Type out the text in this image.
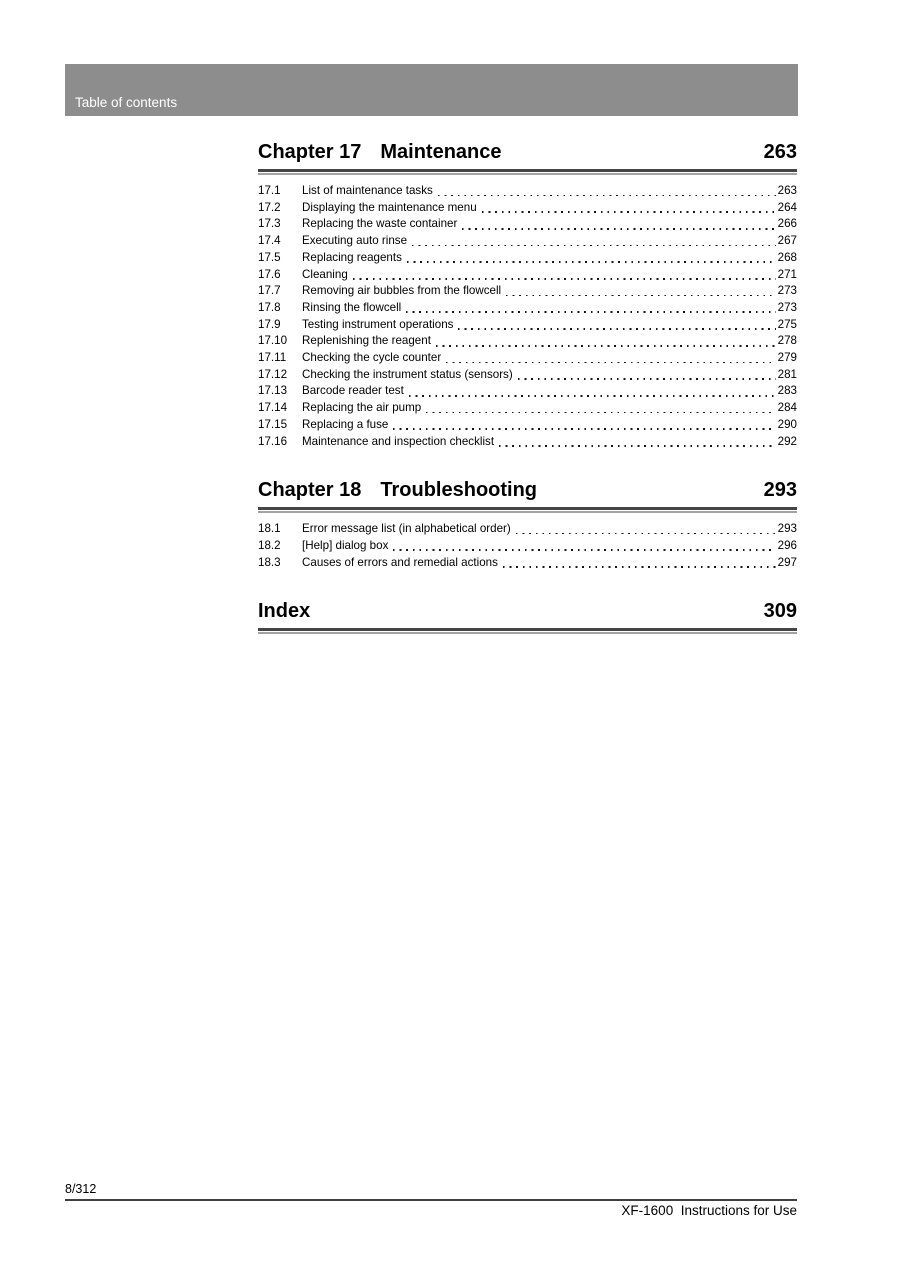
Table of contents
Chapter 17 Maintenance	263
17.1	List of maintenance tasks	263
17.2	Displaying the maintenance menu	264
17.3	Replacing the waste container	266
17.4	Executing auto rinse	267
17.5	Replacing reagents	268
17.6	Cleaning	271
17.7	Removing air bubbles from the flowcell	273
17.8	Rinsing the flowcell	273
17.9	Testing instrument operations	275
17.10	Replenishing the reagent	278
17.11	Checking the cycle counter	279
17.12	Checking the instrument status (sensors)	281
17.13	Barcode reader test	283
17.14	Replacing the air pump	284
17.15	Replacing a fuse	290
17.16	Maintenance and inspection checklist	292
Chapter 18 Troubleshooting	293
18.1	Error message list (in alphabetical order)	293
18.2	[Help] dialog box	296
18.3	Causes of errors and remedial actions	297
Index	309
8/312
XF-1600  Instructions for Use
